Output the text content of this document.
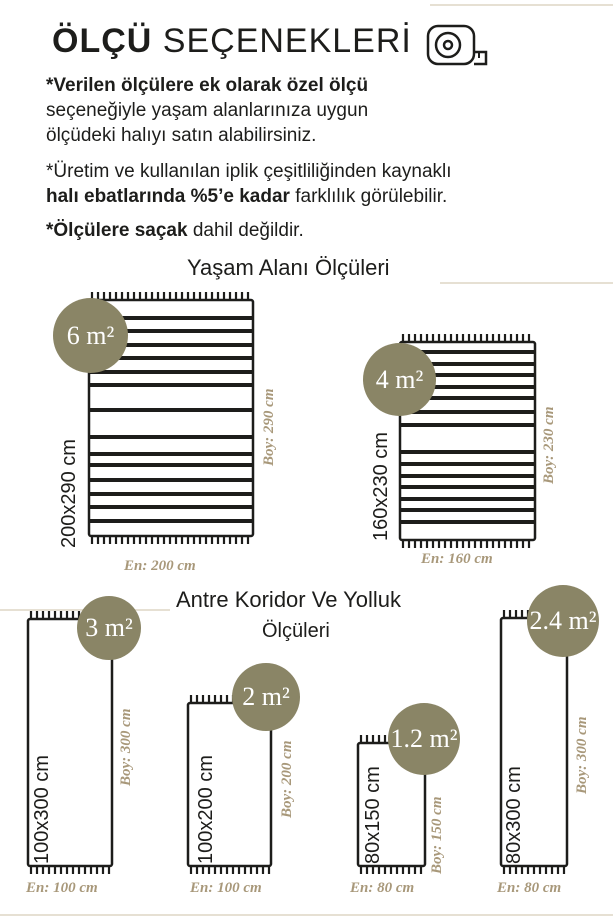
ÖLÇÜ SEÇENEKLERİ
*Verilen ölçülere ek olarak özel ölçü
seçeneğiyle yaşam alanlarınıza uygun
ölçüdeki halıyı satın alabilirsiniz.
*Üretim ve kullanılan iplik çeşitliliğinden kaynaklı
halı ebatlarında %5’e kadar farklılık görülebilir.
*Ölçülere saçak dahil değildir.
Yaşam Alanı Ölçüleri
Antre Koridor Ve Yolluk
Ölçüleri
6 m²
4 m²
3 m²
2 m²
1.2 m²
2.4 m²
200x290 cm	160x230 cm
100x300 cm	100x200 cm	80x150 cm	80x300 cm
Boy: 290 cm	Boy: 230 cm
Boy: 300 cm	Boy: 200 cm
Boy: 150 cm
Boy: 300 cm
En: 200 cm	En: 160 cm
En: 100 cm	En: 100 cm	En: 80 cm	En: 80 cm
